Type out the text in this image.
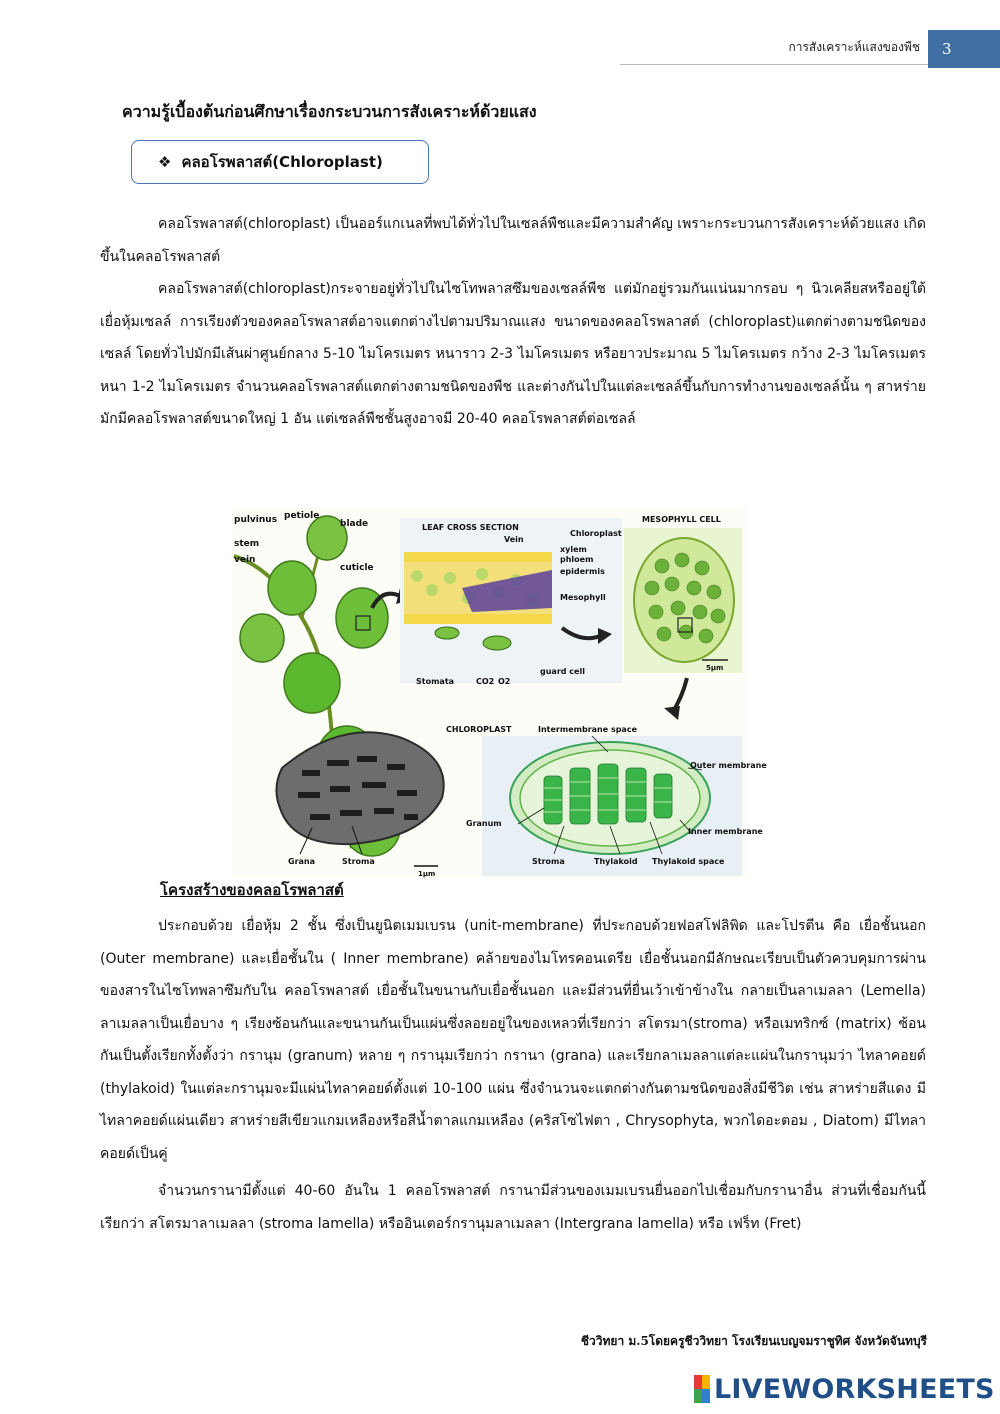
การสังเคราะห์แสงของพืช	3
ความรู้เบื้องต้นก่อนศึกษาเรื่องกระบวนการสังเคราะห์ด้วยแสง
❖ คลอโรพลาสต์(Chloroplast)

คลอโรพลาสต์(chloroplast) เป็นออร์แกเนลที่พบได้ทั่วไปในเซลล์พืชและมีความสำคัญ เพราะกระบวนการสังเคราะห์ด้วยแสง เกิดขึ้นในคลอโรพลาสต์

คลอโรพลาสต์(chloroplast)กระจายอยู่ทั่วไปในไซโทพลาสซึมของเซลล์พืช แต่มักอยู่รวมกันแน่นมากรอบ ๆ นิวเคลียสหรืออยู่ใต้เยื่อหุ้มเซลล์ การเรียงตัวของคลอโรพลาสต์อาจแตกต่างไปตามปริมาณแสง ขนาดของคลอโรพลาสต์ (chloroplast)แตกต่างตามชนิดของเซลล์ โดยทั่วไปมักมีเส้นผ่าศูนย์กลาง 5-10 ไมโครเมตร หนาราว 2-3 ไมโครเมตร หรือยาวประมาณ 5 ไมโครเมตร กว้าง 2-3 ไมโครเมตร หนา 1-2 ไมโครเมตร จำนวนคลอโรพลาสต์แตกต่างตามชนิดของพืช และต่างกันไปในแต่ละเซลล์ขึ้นกับการทำงานของเซลล์นั้น ๆ สาหร่ายมักมีคลอโรพลาสต์ขนาดใหญ่ 1 อัน แต่เซลล์พืชชั้นสูงอาจมี 20-40 คลอโรพลาสต์ต่อเซลล์

pulvinus petiole
blade
stem
vein
cuticle
LEAF CROSS SECTION
Vein
xylem
phloem
epidermis
Mesophyll
Stomata	CO2 O2
guard cell
MESOPHYLL CELL
Chloroplast
5μm
Grana	Stroma
1μm
CHLOROPLAST	Intermembrane space
Outer membrane
Granum
Inner membrane
Stroma	Thylakoid Thylakoid space
โครงสร้างของคลอโรพลาสต์

ประกอบด้วย เยื่อหุ้ม 2 ชั้น ซึ่งเป็นยูนิตเมมเบรน (unit-membrane) ที่ประกอบด้วยฟอสโฟลิพิด และโปรตีน คือ เยื่อชั้นนอก (Outer membrane) และเยื่อชั้นใน ( Inner membrane) คล้ายของไมโทรคอนเดรีย เยื่อชั้นนอกมีลักษณะเรียบเป็นตัวควบคุมการผ่านของสารในไซโทพลาซึมกับใน คลอโรพลาสต์ เยื่อชั้นในขนานกับเยื่อชั้นนอก และมีส่วนที่ยื่นเว้าเข้าข้างใน กลายเป็นลาเมลลา (Lemella) ลาเมลลาเป็นเยื่อบาง ๆ เรียงซ้อนกันและขนานกันเป็นแผ่นซึ่งลอยอยู่ในของเหลวที่เรียกว่า สโตรมา(stroma) หรือเมทริกซ์ (matrix) ซ้อนกันเป็นตั้งเรียกทั้งตั้งว่า กรานุม (granum) หลาย ๆ กรานุมเรียกว่า กรานา (grana) และเรียกลาเมลลาแต่ละแผ่นในกรานุมว่า ไทลาคอยด์ (thylakoid) ในแต่ละกรานุมจะมีแผ่นไทลาคอยด์ตั้งแต่ 10-100 แผ่น ซึ่งจำนวนจะแตกต่างกันตามชนิดของสิ่งมีชีวิต เช่น สาหร่ายสีแดง มีไทลาคอยด์แผ่นเดียว สาหร่ายสีเขียวแกมเหลืองหรือสีน้ำตาลแกมเหลือง (คริสโซไฟตา , Chrysophyta, พวกไดอะตอม , Diatom) มีไทลาคอยด์เป็นคู่

จำนวนกรานามีตั้งแต่ 40-60 อันใน 1 คลอโรพลาสต์ กรานามีส่วนของเมมเบรนยื่นออกไปเชื่อมกับกรานาอื่น ส่วนที่เชื่อมกันนี้เรียกว่า สโตรมาลาเมลลา (stroma lamella) หรืออินเตอร์กรานุมลาเมลลา (Intergrana lamella) หรือ เฟร็ท (Fret)

ชีววิทยา ม.5โดยครูชีววิทยา โรงเรียนเบญจมราชูทิศ จังหวัดจันทบุรี
LIVEWORKSHEETS
